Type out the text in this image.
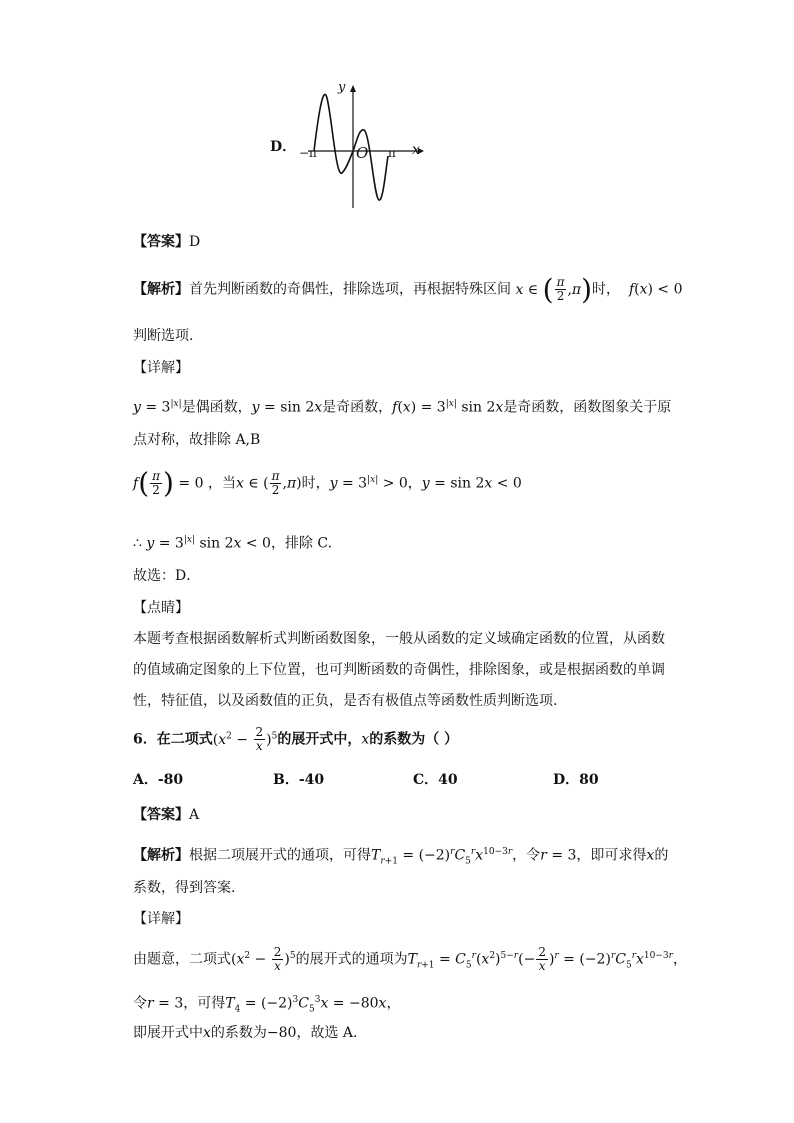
D．
y
−π	O π x
【答案】D
【解析】首先判断函数的奇偶性，排除选项，再根据特殊区间 x ∈ ( $\frac{\pi}{2} ,\pi$)时， f(x) < 0
判断选项.
【详解】
$y = 3^{|x|}$是偶函数，y = sin 2x是奇函数，$f(x) = 3^{|x|}$ sin 2x是奇函数，函数图象关于原
点对称，故排除 A,B
$f( \frac{\pi}{2}$ ) = 0 ，当x ∈ ( $\frac{\pi}{2} ,\pi$)时，$y = 3^{|x|} > 0$，y = sin 2x < 0
∴ $y = 3^{|x|}$ sin 2x < 0，排除 C.
故选：D．
【点睛】
本题考查根据函数解析式判断函数图象，一般从函数的定义域确定函数的位置，从函数
的值域确定图象的上下位置，也可判断函数的奇偶性，排除图象，或是根据函数的单调
性，特征值，以及函数值的正负，是否有极值点等函数性质判断选项.
6．在二项式$(x^2 - \frac{2}{x} )^5$的展开式中，x的系数为（ ）
A．-80	B．-40	C．40	D．80
【答案】A
【解析】根据二项展开式的通项，可得$T_{r+1} = (-2)^rC_5^rx^{10-3r}$，令r = 3，即可求得x的
系数，得到答案.
【详解】
由题意，二项式$(x^2 - \frac{2}{x} )^5$的展开式的通项为$T_{r+1} = C_5^r(x^2)^{5-r}(- \frac{2}{x} )^r = (-2)^rC_5^rx^{10-3r}$，
令r = 3，可得$T_4 = (-2)^3C_5^3x = -80x$，
即展开式中x的系数为−80，故选 A.
